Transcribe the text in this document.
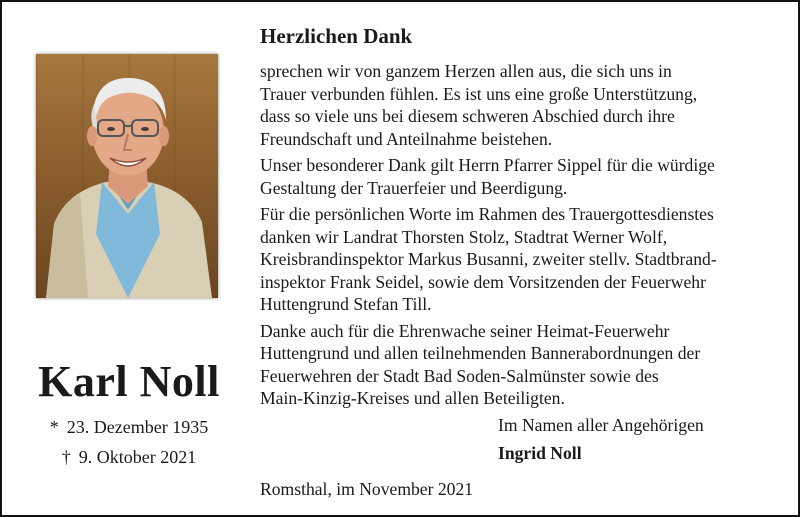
Karl Noll
* 23. Dezember 1935
† 9. Oktober 2021
Herzlichen Dank

sprechen wir von ganzem Herzen allen aus, die sich uns in
Trauer verbunden fühlen. Es ist uns eine große Unterstützung,
dass so viele uns bei diesem schweren Abschied durch ihre
Freundschaft und Anteilnahme beistehen.

Unser besonderer Dank gilt Herrn Pfarrer Sippel für die würdige
Gestaltung der Trauerfeier und Beerdigung.

Für die persönlichen Worte im Rahmen des Trauergottesdienstes
danken wir Landrat Thorsten Stolz, Stadtrat Werner Wolf,
Kreisbrandinspektor Markus Busanni, zweiter stellv. Stadtbrand-
inspektor Frank Seidel, sowie dem Vorsitzenden der Feuerwehr
Huttengrund Stefan Till.

Danke auch für die Ehrenwache seiner Heimat-Feuerwehr
Huttengrund und allen teilnehmenden Bannerabordnungen der
Feuerwehren der Stadt Bad Soden-Salmünster sowie des
Main-Kinzig-Kreises und allen Beteiligten.

Im Namen aller Angehörigen
Ingrid Noll
Romsthal, im November 2021
